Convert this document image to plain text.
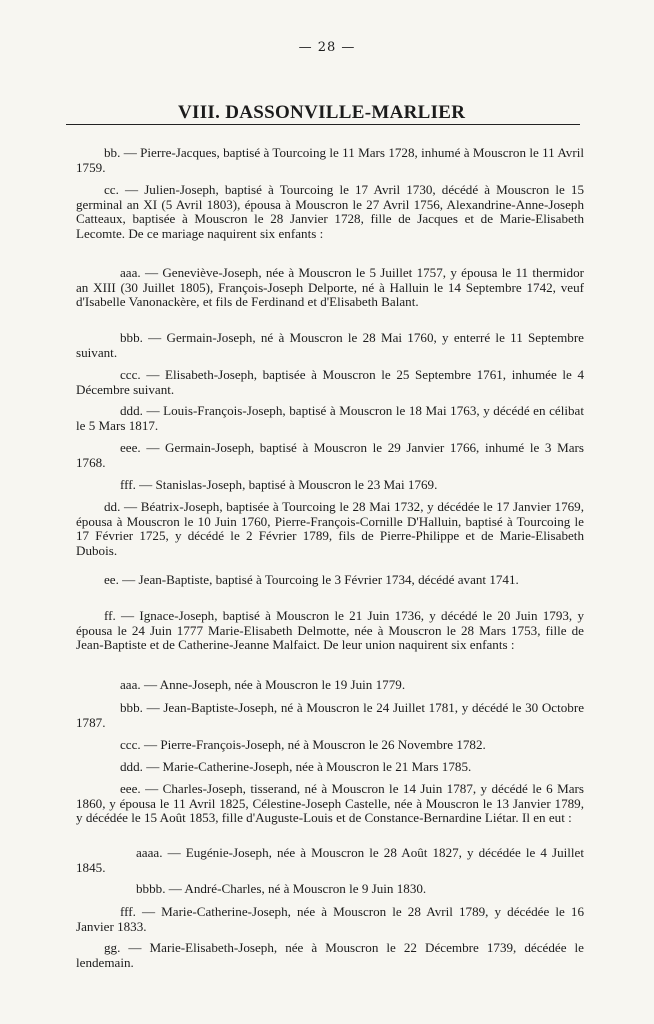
— 28 —
VIII. DASSONVILLE-MARLIER

bb. — Pierre-Jacques, baptisé à Tourcoing le 11 Mars 1728, inhumé à Mouscron le 11 Avril 1759.

cc. — Julien-Joseph, baptisé à Tourcoing le 17 Avril 1730, décédé à Mouscron le 15 germinal an XI (5 Avril 1803), épousa à Mouscron le 27 Avril 1756, Alexandrine-Anne-Joseph Catteaux, baptisée à Mouscron le 28 Janvier 1728, fille de Jacques et de Marie-Elisabeth Lecomte. De ce mariage naquirent six enfants :

aaa. — Geneviève-Joseph, née à Mouscron le 5 Juillet 1757, y épousa le 11 thermidor an XIII (30 Juillet 1805), François-Joseph Delporte, né à Halluin le 14 Septembre 1742, veuf d'Isabelle Vanonackère, et fils de Ferdinand et d'Elisabeth Balant.

bbb. — Germain-Joseph, né à Mouscron le 28 Mai 1760, y enterré le 11 Septembre suivant.

ccc. — Elisabeth-Joseph, baptisée à Mouscron le 25 Septembre 1761, inhumée le 4 Décembre suivant.

ddd. — Louis-François-Joseph, baptisé à Mouscron le 18 Mai 1763, y décédé en célibat le 5 Mars 1817.

eee. — Germain-Joseph, baptisé à Mouscron le 29 Janvier 1766, inhumé le 3 Mars 1768.

fff. — Stanislas-Joseph, baptisé à Mouscron le 23 Mai 1769.

dd. — Béatrix-Joseph, baptisée à Tourcoing le 28 Mai 1732, y décédée le 17 Janvier 1769, épousa à Mouscron le 10 Juin 1760, Pierre-François-Cornille D'Halluin, baptisé à Tourcoing le 17 Février 1725, y décédé le 2 Février 1789, fils de Pierre-Philippe et de Marie-Elisabeth Dubois.

ee. — Jean-Baptiste, baptisé à Tourcoing le 3 Février 1734, décédé avant 1741.

ff. — Ignace-Joseph, baptisé à Mouscron le 21 Juin 1736, y décédé le 20 Juin 1793, y épousa le 24 Juin 1777 Marie-Elisabeth Delmotte, née à Mouscron le 28 Mars 1753, fille de Jean-Baptiste et de Catherine-Jeanne Malfaict. De leur union naquirent six enfants :

aaa. — Anne-Joseph, née à Mouscron le 19 Juin 1779.

bbb. — Jean-Baptiste-Joseph, né à Mouscron le 24 Juillet 1781, y décédé le 30 Octobre 1787.

ccc. — Pierre-François-Joseph, né à Mouscron le 26 Novembre 1782.

ddd. — Marie-Catherine-Joseph, née à Mouscron le 21 Mars 1785.

eee. — Charles-Joseph, tisserand, né à Mouscron le 14 Juin 1787, y décédé le 6 Mars 1860, y épousa le 11 Avril 1825, Célestine-Joseph Castelle, née à Mouscron le 13 Janvier 1789, y décédée le 15 Août 1853, fille d'Auguste-Louis et de Constance-Bernardine Liétar. Il en eut :

aaaa. — Eugénie-Joseph, née à Mouscron le 28 Août 1827, y décédée le 4 Juillet 1845.

bbbb. — André-Charles, né à Mouscron le 9 Juin 1830.

fff. — Marie-Catherine-Joseph, née à Mouscron le 28 Avril 1789, y décédée le 16 Janvier 1833.

gg. — Marie-Elisabeth-Joseph, née à Mouscron le 22 Décembre 1739, décédée le lendemain.
